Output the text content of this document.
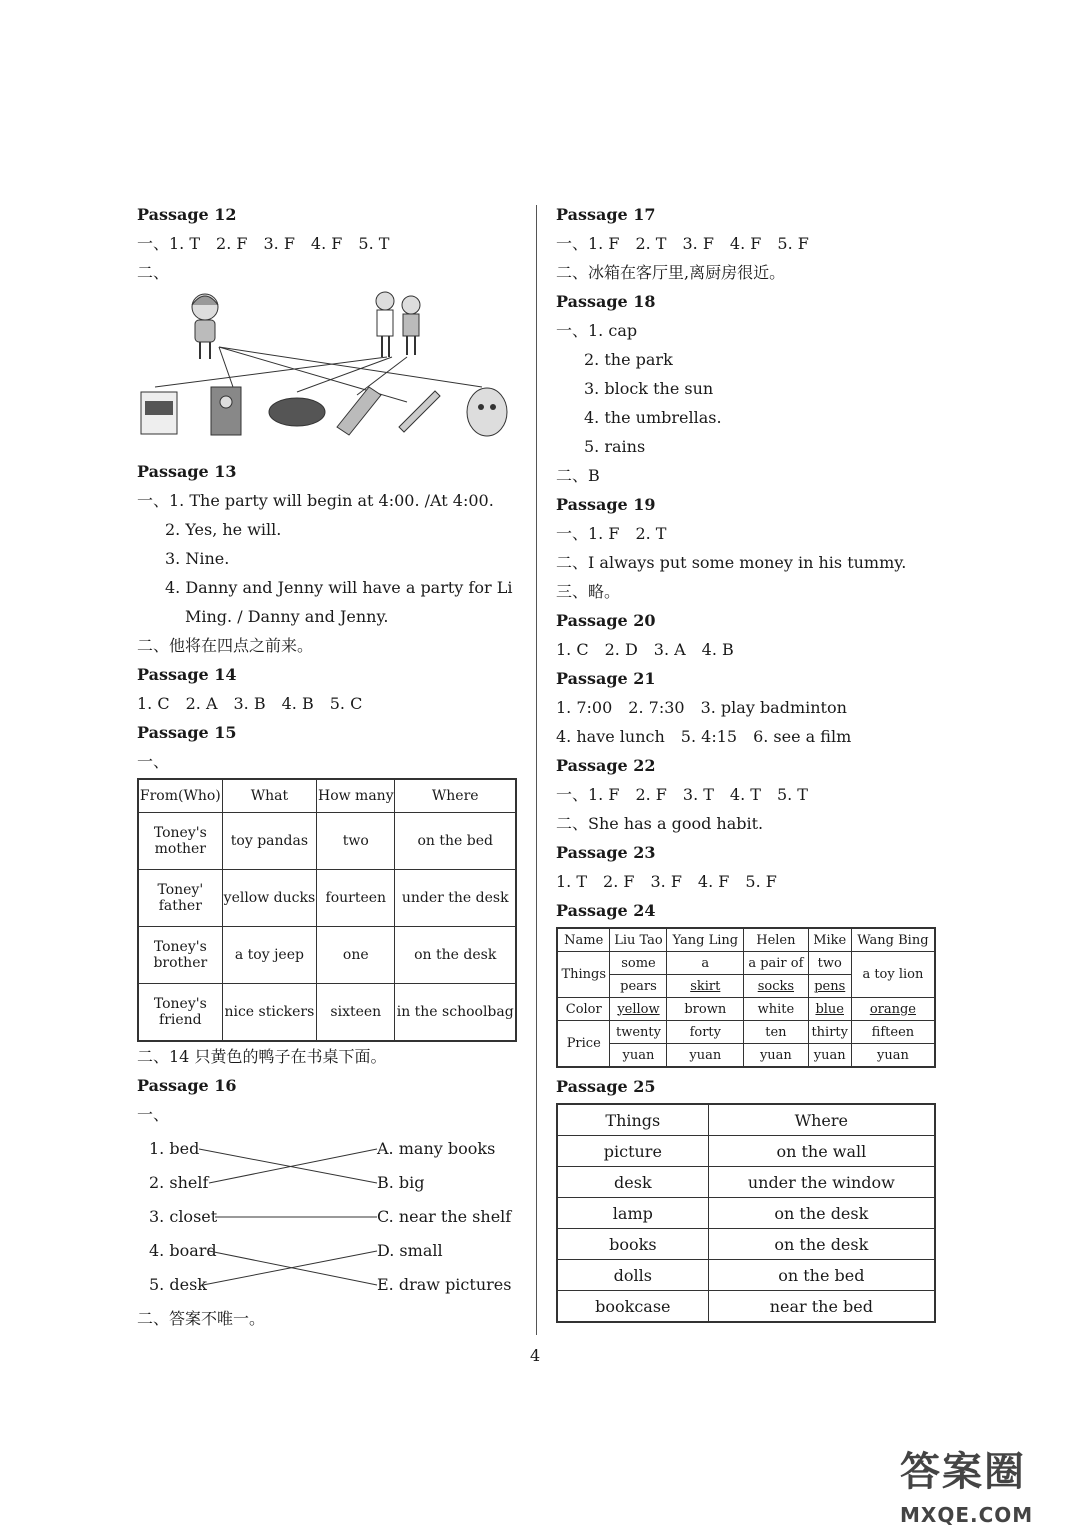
Passage 12
一、1. T　2. F　3. F　4. F　5. T
二、
Passage 13
一、1. The party will begin at 4:00. /At 4:00.
2. Yes, he will.
3. Nine.
4. Danny and Jenny will have a party for Li
Ming. / Danny and Jenny.
二、他将在四点之前来。
Passage 14
1. C　2. A　3. B　4. B　5. C
Passage 15
一、
From(Who)	What	How many	Where
Toney's
mother	toy pandas	two	on the bed
Toney'
father	yellow ducks	fourteen	under the desk
Toney's
brother	a toy jeep	one	on the desk
Toney's
friend	nice stickers	sixteen	in the schoolbag
二、14 只黄色的鸭子在书桌下面。
Passage 16
一、
1. bed
2. shelf
3. closet
4. board
5. desk
A. many books
B. big
C. near the shelf
D. small
E. draw pictures
二、答案不唯一。
Passage 17
一、1. F　2. T　3. F　4. F　5. F
二、冰箱在客厅里,离厨房很近。
Passage 18
一、1. cap
2. the park
3. block the sun
4. the umbrellas.
5. rains
二、B
Passage 19
一、1. F　2. T
二、I always put some money in his tummy.
三、略。
Passage 20
1. C　2. D　3. A　4. B
Passage 21
1. 7:00　2. 7:30　3. play badminton
4. have lunch　5. 4:15　6. see a film
Passage 22
一、1. F　2. F　3. T　4. T　5. T
二、She has a good habit.
Passage 23
1. T　2. F　3. F　4. F　5. F
Passage 24
Name	Liu Tao	Yang Ling	Helen	Mike	Wang Bing
Things	some	a	a pair of	two	a toy lion
	pears	skirt	socks	pens	
Color	yellow	brown	white	blue	orange
Price	twenty	forty	ten	thirty	fifteen
	yuan	yuan	yuan	yuan	yuan
Passage 25
Things	Where
picture	on the wall
desk	under the window
lamp	on the desk
books	on the desk
dolls	on the bed
bookcase	near the bed
4
答案圈
MXQE.COM
